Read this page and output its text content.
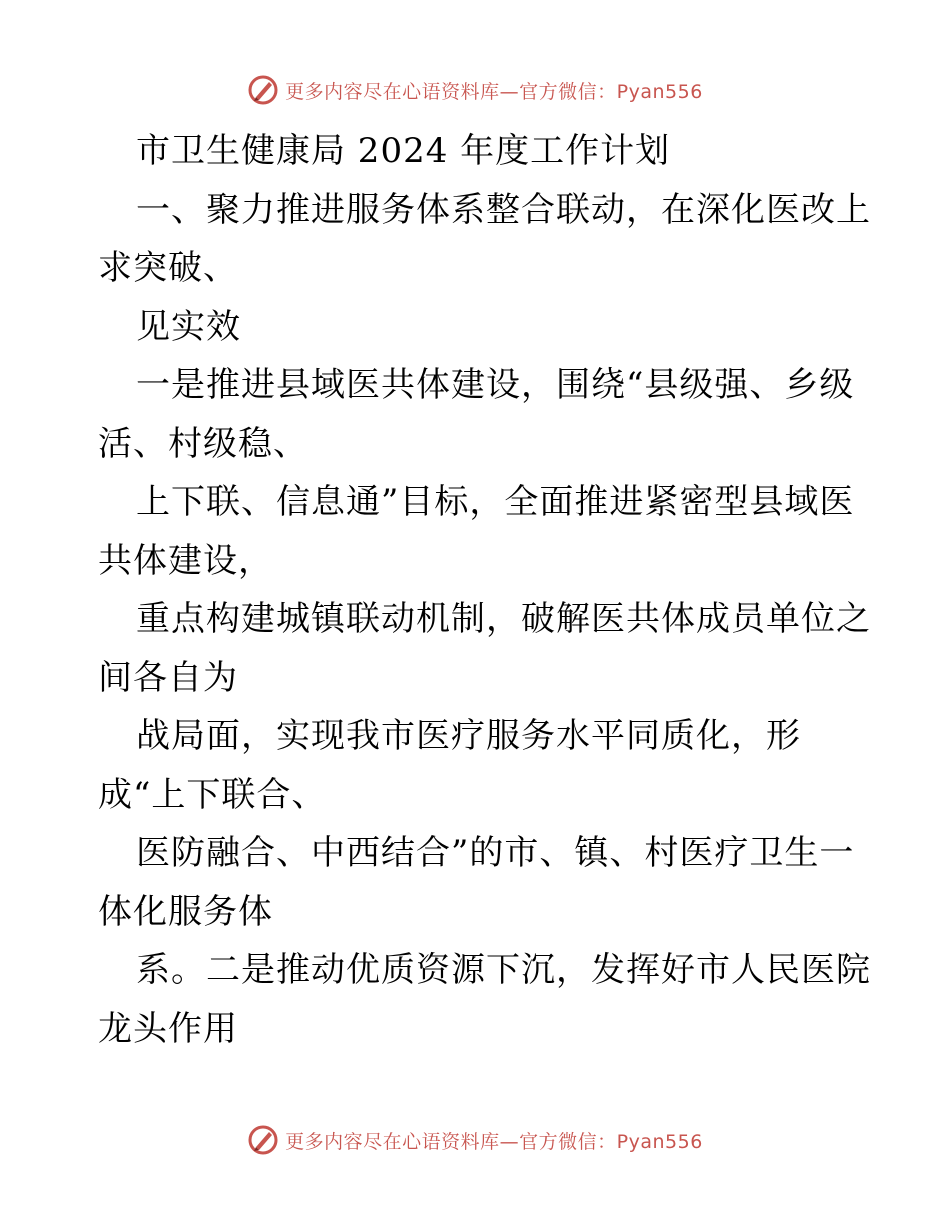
更多内容尽在心语资料库—官方微信：Pyan556
市卫生健康局 2024 年度工作计划
一、聚力推进服务体系整合联动，在深化医改上
求突破、
见实效
一是推进县域医共体建设，围绕“县级强、乡级
活、村级稳、
上下联、信息通”目标，全面推进紧密型县域医
共体建设，
重点构建城镇联动机制，破解医共体成员单位之
间各自为
战局面，实现我市医疗服务水平同质化，形
成“上下联合、
医防融合、中西结合”的市、镇、村医疗卫生一
体化服务体
系。二是推动优质资源下沉，发挥好市人民医院
龙头作用
更多内容尽在心语资料库—官方微信：Pyan556
